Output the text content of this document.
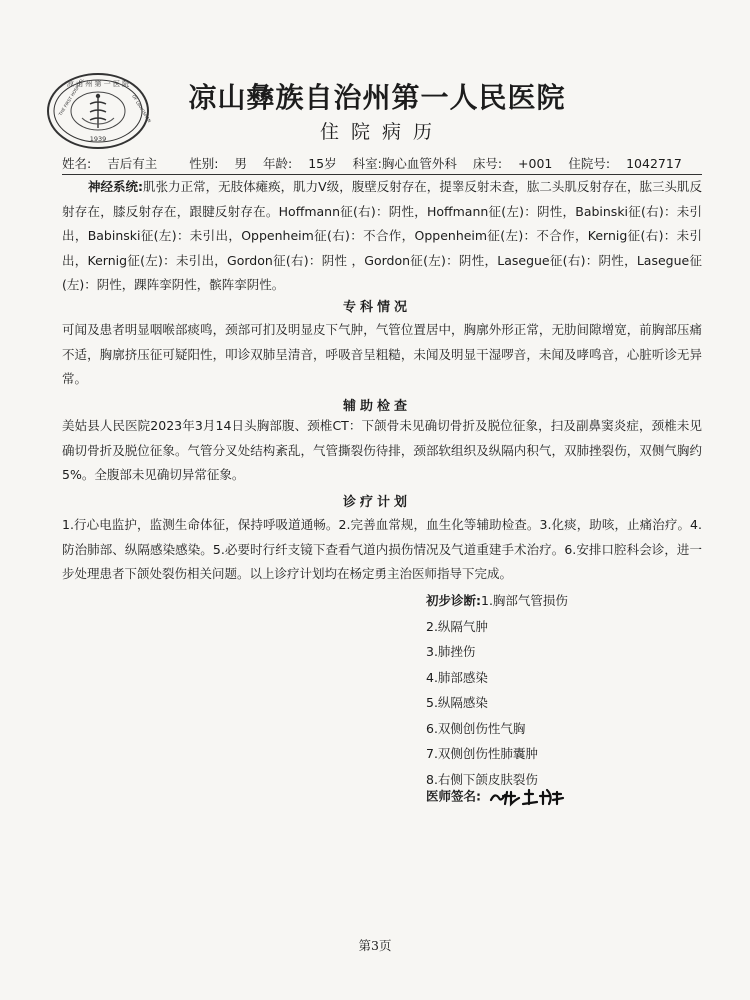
凉 山 州 第 一 医 院
THE FIRST HOSPITAL	OF LIANGSHAN
1939
凉山彝族自治州第一人民医院
住院病历
姓名: 吉后有主	性别: 男 年龄: 15岁 科室:胸心血管外科 床号: +001 住院号: 1042717
神经系统:肌张力正常，无肢体瘫痪，肌力Ⅴ级，腹壁反射存在，提睾反射未查，肱二头肌反射存在，肱三头肌反射存在，膝反射存在，跟腱反射存在。Hoffmann征(右)：阴性，Hoffmann征(左)：阴性，Babinski征(右)：未引出，Babinski征(左)：未引出，Oppenheim征(右)：不合作，Oppenheim征(左)：不合作，Kernig征(右)：未引出，Kernig征(左)：未引出，Gordon征(右)：阴性 ，Gordon征(左)：阴性，Lasegue征(右)：阴性，Lasegue征(左)：阴性，踝阵挛阴性，髌阵挛阴性。
专科情况
可闻及患者明显咽喉部痰鸣，颈部可扪及明显皮下气肿，气管位置居中，胸廓外形正常，无肋间隙增宽，前胸部压痛不适，胸廓挤压征可疑阳性，叩诊双肺呈清音，呼吸音呈粗糙，未闻及明显干湿啰音，未闻及哮鸣音，心脏听诊无异常。
辅助检查
美姑县人民医院2023年3月14日头胸部腹、颈椎CT：下颌骨未见确切骨折及脱位征象，扫及副鼻窦炎症，颈椎未见确切骨折及脱位征象。气管分叉处结构紊乱，气管撕裂伤待排，颈部软组织及纵隔内积气，双肺挫裂伤，双侧气胸约5%。全腹部未见确切异常征象。
诊疗计划
1.行心电监护，监测生命体征，保持呼吸道通畅。2.完善血常规，血生化等辅助检查。3.化痰，助咳，止痛治疗。4.防治肺部、纵隔感染感染。5.必要时行纤支镜下查看气道内损伤情况及气道重建手术治疗。6.安排口腔科会诊，进一步处理患者下颌处裂伤相关问题。以上诊疗计划均在杨定勇主治医师指导下完成。
初步诊断:1.胸部气管损伤
2.纵隔气肿
3.肺挫伤
4.肺部感染
5.纵隔感染
6.双侧创伤性气胸
7.双侧创伤性肺囊肿
8.右侧下颌皮肤裂伤
医师签名:
第3页
